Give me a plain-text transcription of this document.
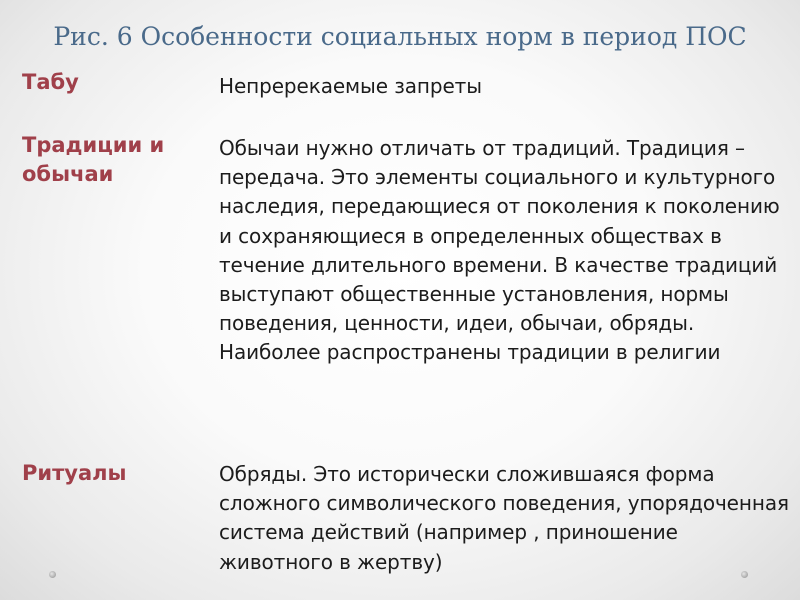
Рис. 6 Особенности социальных норм в период ПОС
Табу	Непререкаемые запреты
Традиции и обычаи
Обычаи нужно отличать от традиций. Традиция – передача. Это элементы социального и культурного наследия, передающиеся от поколения к поколению и сохраняющиеся в определенных обществах в течение длительного времени. В качестве традиций выступают общественные установления, нормы поведения, ценности, идеи, обычаи, обряды. Наиболее распространены традиции в религии
Ритуалы	Обряды. Это исторически сложившаяся форма сложного символического поведения, упорядоченная система действий (например , приношение животного в жертву)
